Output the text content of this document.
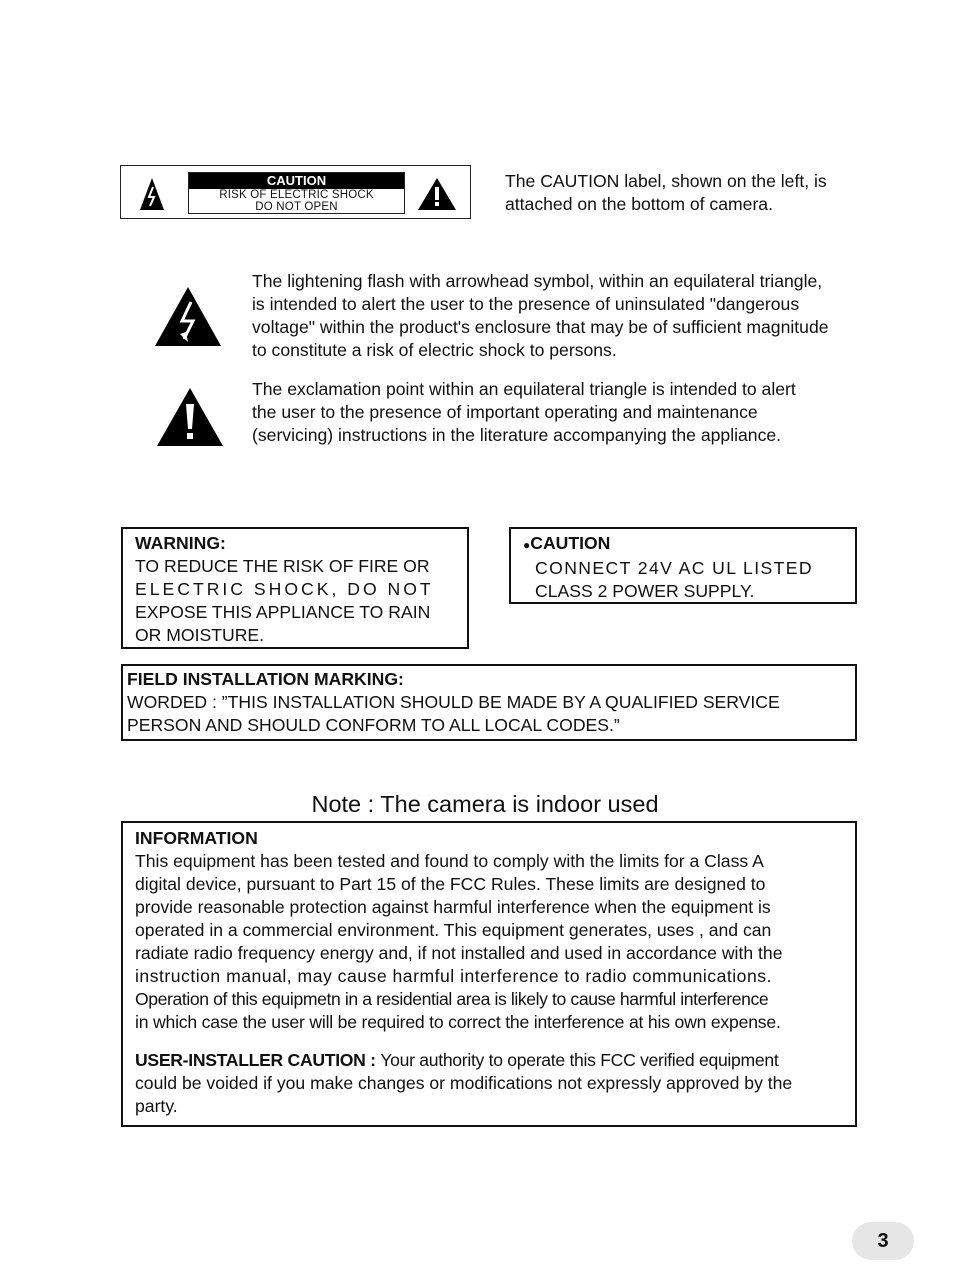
CAUTION
RISK OF ELECTRIC SHOCK
DO NOT OPEN
The CAUTION label, shown on the left, is
attached on the bottom of camera.
The lightening flash with arrowhead symbol, within an equilateral triangle,
is intended to alert the user to the presence of uninsulated "dangerous
voltage" within the product's enclosure that may be of sufficient magnitude
to constitute a risk of electric shock to persons.
The exclamation point within an equilateral triangle is intended to alert
the user to the presence of important operating and maintenance
(servicing) instructions in the literature accompanying the appliance.
WARNING:
TO REDUCE THE RISK OF FIRE OR
ELECTRIC SHOCK, DO NOT
EXPOSE THIS APPLIANCE TO RAIN
OR MOISTURE.
●CAUTION
CONNECT 24V AC UL LISTED
CLASS 2 POWER SUPPLY.
FIELD INSTALLATION MARKING:
WORDED : ”THIS INSTALLATION SHOULD BE MADE BY A QUALIFIED SERVICE
PERSON AND SHOULD CONFORM TO ALL LOCAL CODES.”
Note : The camera is indoor used
INFORMATION
This equipment has been tested and found to comply with the limits for a Class A
digital device, pursuant to Part 15 of the FCC Rules. These limits are designed to
provide reasonable protection against harmful interference when the equipment is
operated in a commercial environment. This equipment generates, uses , and can
radiate radio frequency energy and, if not installed and used in accordance with the
instruction manual, may cause harmful interference to radio communications.
Operation of this equipmetn in a residential area is likely to cause harmful interference
in which case the user will be required to correct the interference at his own expense.
USER-INSTALLER CAUTION : Your authority to operate this FCC verified equipment
could be voided if you make changes or modifications not expressly approved by the
party.
3
